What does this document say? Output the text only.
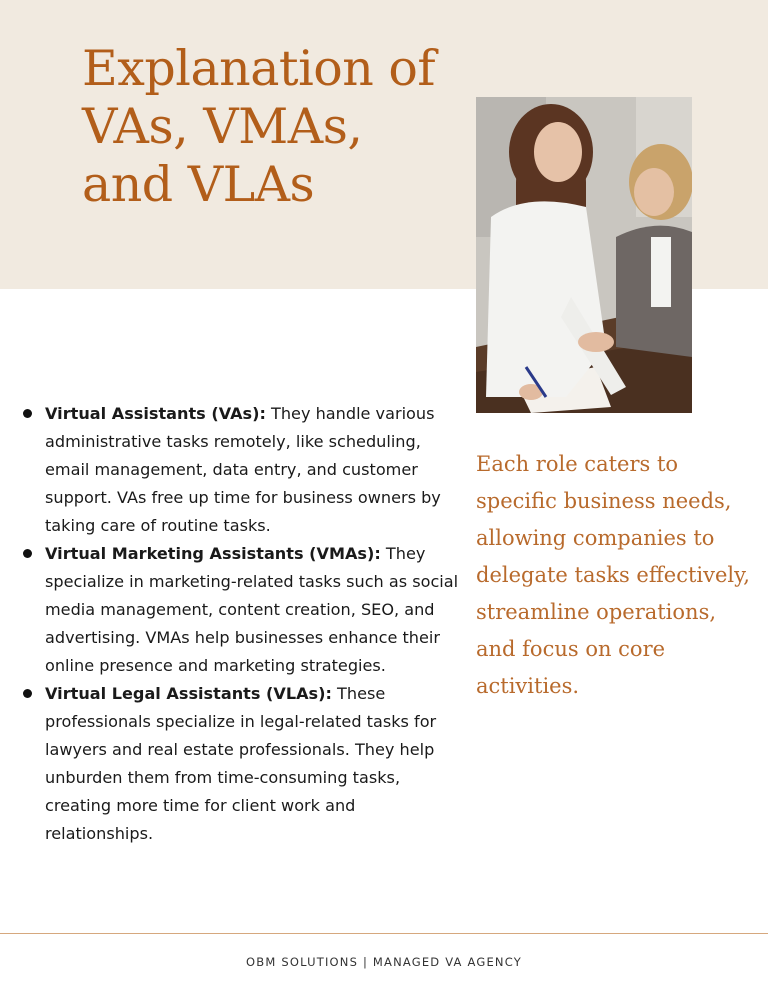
Explanation of VAs, VMAs, and VLAs
Virtual Assistants (VAs): They handle various administrative tasks remotely, like scheduling, email management, data entry, and customer support. VAs free up time for business owners by taking care of routine tasks.
Virtual Marketing Assistants (VMAs): They specialize in marketing-related tasks such as social media management, content creation, SEO, and advertising. VMAs help businesses enhance their online presence and marketing strategies.
Virtual Legal Assistants (VLAs): These professionals specialize in legal-related tasks for lawyers and real estate professionals. They help unburden them from time-consuming tasks, creating more time for client work and relationships.

Each role caters to specific business needs, allowing companies to delegate tasks effectively, streamline operations, and focus on core activities.

OBM SOLUTIONS | MANAGED VA AGENCY
